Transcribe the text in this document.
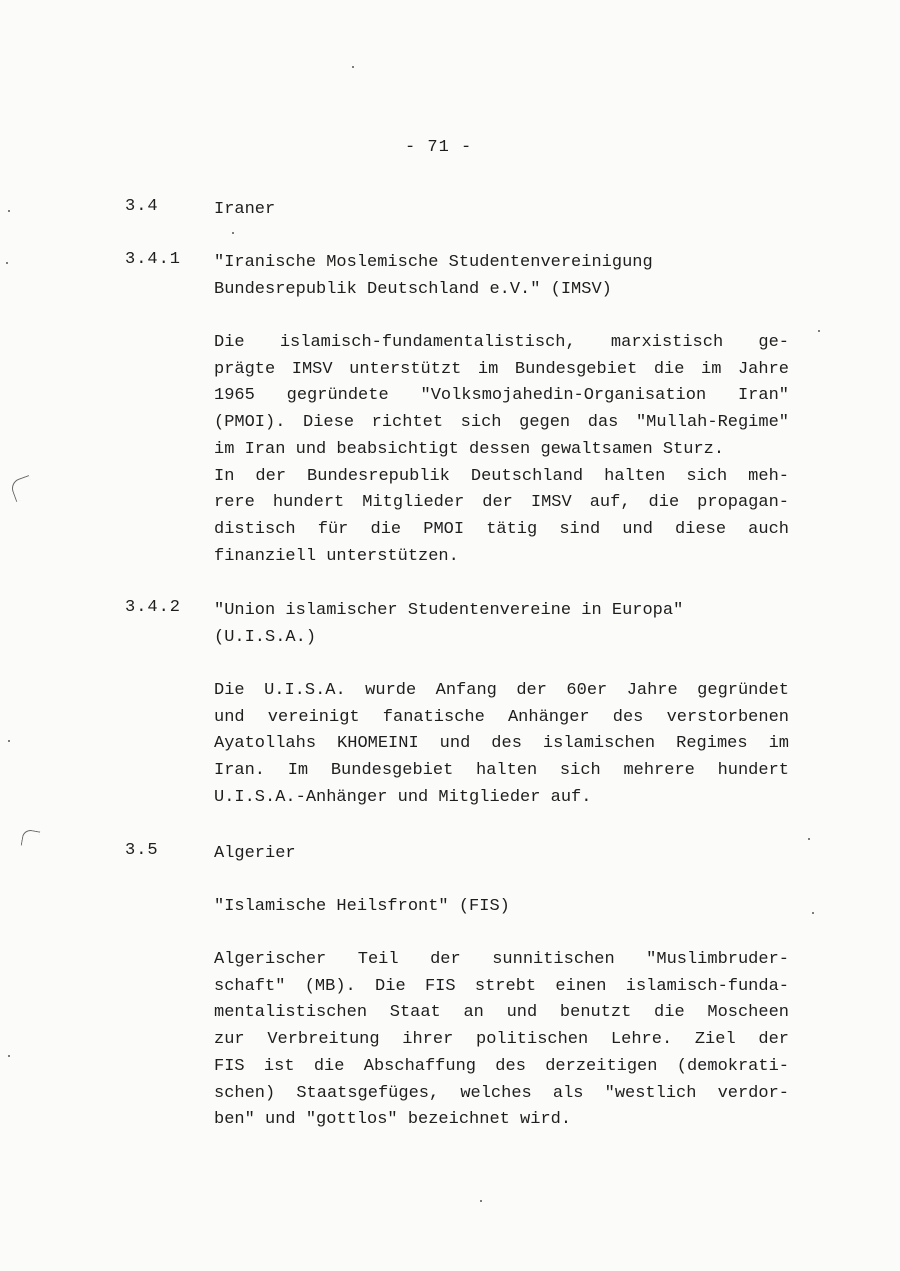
- 71 -
3.4	Iraner
3.4.1 "Iranische Moslemische Studentenvereinigung
Bundesrepublik Deutschland e.V." (IMSV)
Die islamisch-fundamentalistisch, marxistisch ge-
prägte IMSV unterstützt im Bundesgebiet die im Jahre
1965 gegründete "Volksmojahedin-Organisation Iran"
(PMOI). Diese richtet sich gegen das "Mullah-Regime"
im Iran und beabsichtigt dessen gewaltsamen Sturz.
In der Bundesrepublik Deutschland halten sich meh-
rere hundert Mitglieder der IMSV auf, die propagan-
distisch für die PMOI tätig sind und diese auch
finanziell unterstützen.
3.4.2 "Union islamischer Studentenvereine in Europa"
(U.I.S.A.)
Die U.I.S.A. wurde Anfang der 60er Jahre gegründet
und vereinigt fanatische Anhänger des verstorbenen
Ayatollahs KHOMEINI und des islamischen Regimes im
Iran. Im Bundesgebiet halten sich mehrere hundert
U.I.S.A.-Anhänger und Mitglieder auf.
3.5	Algerier
"Islamische Heilsfront" (FIS)
Algerischer Teil der sunnitischen "Muslimbruder-
schaft" (MB). Die FIS strebt einen islamisch-funda-
mentalistischen Staat an und benutzt die Moscheen
zur Verbreitung ihrer politischen Lehre. Ziel der
FIS ist die Abschaffung des derzeitigen (demokrati-
schen) Staatsgefüges, welches als "westlich verdor-
ben" und "gottlos" bezeichnet wird.
